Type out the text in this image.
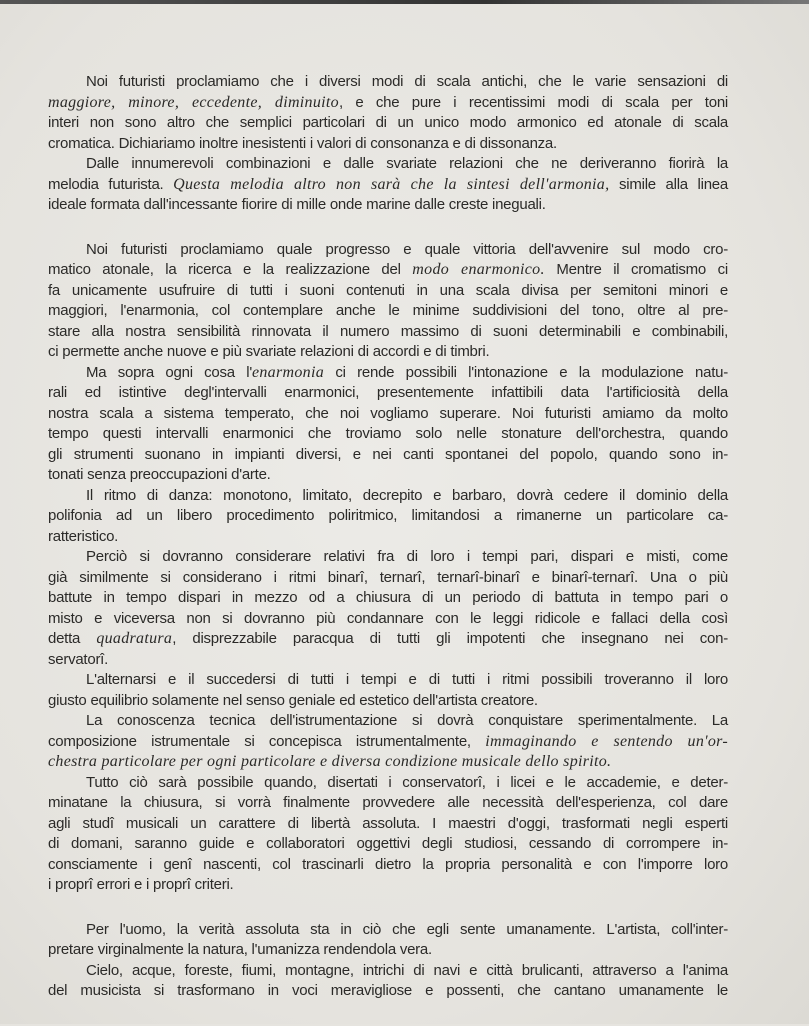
Noi futuristi proclamiamo che i diversi modi di scala antichi, che le varie sensazioni di
maggiore, minore, eccedente, diminuito, e che pure i recentissimi modi di scala per toni
interi non sono altro che semplici particolari di un unico modo armonico ed atonale di scala
cromatica. Dichiariamo inoltre inesistenti i valori di consonanza e di dissonanza.
Dalle innumerevoli combinazioni e dalle svariate relazioni che ne deriveranno fiorirà la
melodia futurista. Questa melodia altro non sarà che la sintesi dell'armonia, simile alla linea
ideale formata dall'incessante fiorire di mille onde marine dalle creste ineguali.
Noi futuristi proclamiamo quale progresso e quale vittoria dell'avvenire sul modo cro-
matico atonale, la ricerca e la realizzazione del modo enarmonico. Mentre il cromatismo ci
fa unicamente usufruire di tutti i suoni contenuti in una scala divisa per semitoni minori e
maggiori, l'enarmonia, col contemplare anche le minime suddivisioni del tono, oltre al pre-
stare alla nostra sensibilità rinnovata il numero massimo di suoni determinabili e combinabili,
ci permette anche nuove e più svariate relazioni di accordi e di timbri.
Ma sopra ogni cosa l'enarmonia ci rende possibili l'intonazione e la modulazione natu-
rali ed istintive degl'intervalli enarmonici, presentemente infattibili data l'artificiosità della
nostra scala a sistema temperato, che noi vogliamo superare. Noi futuristi amiamo da molto
tempo questi intervalli enarmonici che troviamo solo nelle stonature dell'orchestra, quando
gli strumenti suonano in impianti diversi, e nei canti spontanei del popolo, quando sono in-
tonati senza preoccupazioni d'arte.
Il ritmo di danza: monotono, limitato, decrepito e barbaro, dovrà cedere il dominio della
polifonia ad un libero procedimento poliritmico, limitandosi a rimanerne un particolare ca-
ratteristico.
Perciò si dovranno considerare relativi fra di loro i tempi pari, dispari e misti, come
già similmente si considerano i ritmi binarî, ternarî, ternarî-binarî e binarî-ternarî. Una o più
battute in tempo dispari in mezzo od a chiusura di un periodo di battuta in tempo pari o
misto e viceversa non si dovranno più condannare con le leggi ridicole e fallaci della così
detta quadratura, disprezzabile paracqua di tutti gli impotenti che insegnano nei con-
servatorî.
L'alternarsi e il succedersi di tutti i tempi e di tutti i ritmi possibili troveranno il loro
giusto equilibrio solamente nel senso geniale ed estetico dell'artista creatore.
La conoscenza tecnica dell'istrumentazione si dovrà conquistare sperimentalmente. La
composizione istrumentale si concepisca istrumentalmente, immaginando e sentendo un'or-
chestra particolare per ogni particolare e diversa condizione musicale dello spirito.
Tutto ciò sarà possibile quando, disertati i conservatorî, i licei e le accademie, e deter-
minatane la chiusura, si vorrà finalmente provvedere alle necessità dell'esperienza, col dare
agli studî musicali un carattere di libertà assoluta. I maestri d'oggi, trasformati negli esperti
di domani, saranno guide e collaboratori oggettivi degli studiosi, cessando di corrompere in-
consciamente i genî nascenti, col trascinarli dietro la propria personalità e con l'imporre loro
i proprî errori e i proprî criteri.
Per l'uomo, la verità assoluta sta in ciò che egli sente umanamente. L'artista, coll'inter-
pretare virginalmente la natura, l'umanizza rendendola vera.
Cielo, acque, foreste, fiumi, montagne, intrichi di navi e città brulicanti, attraverso a l'anima
del musicista si trasformano in voci meravigliose e possenti, che cantano umanamente le
